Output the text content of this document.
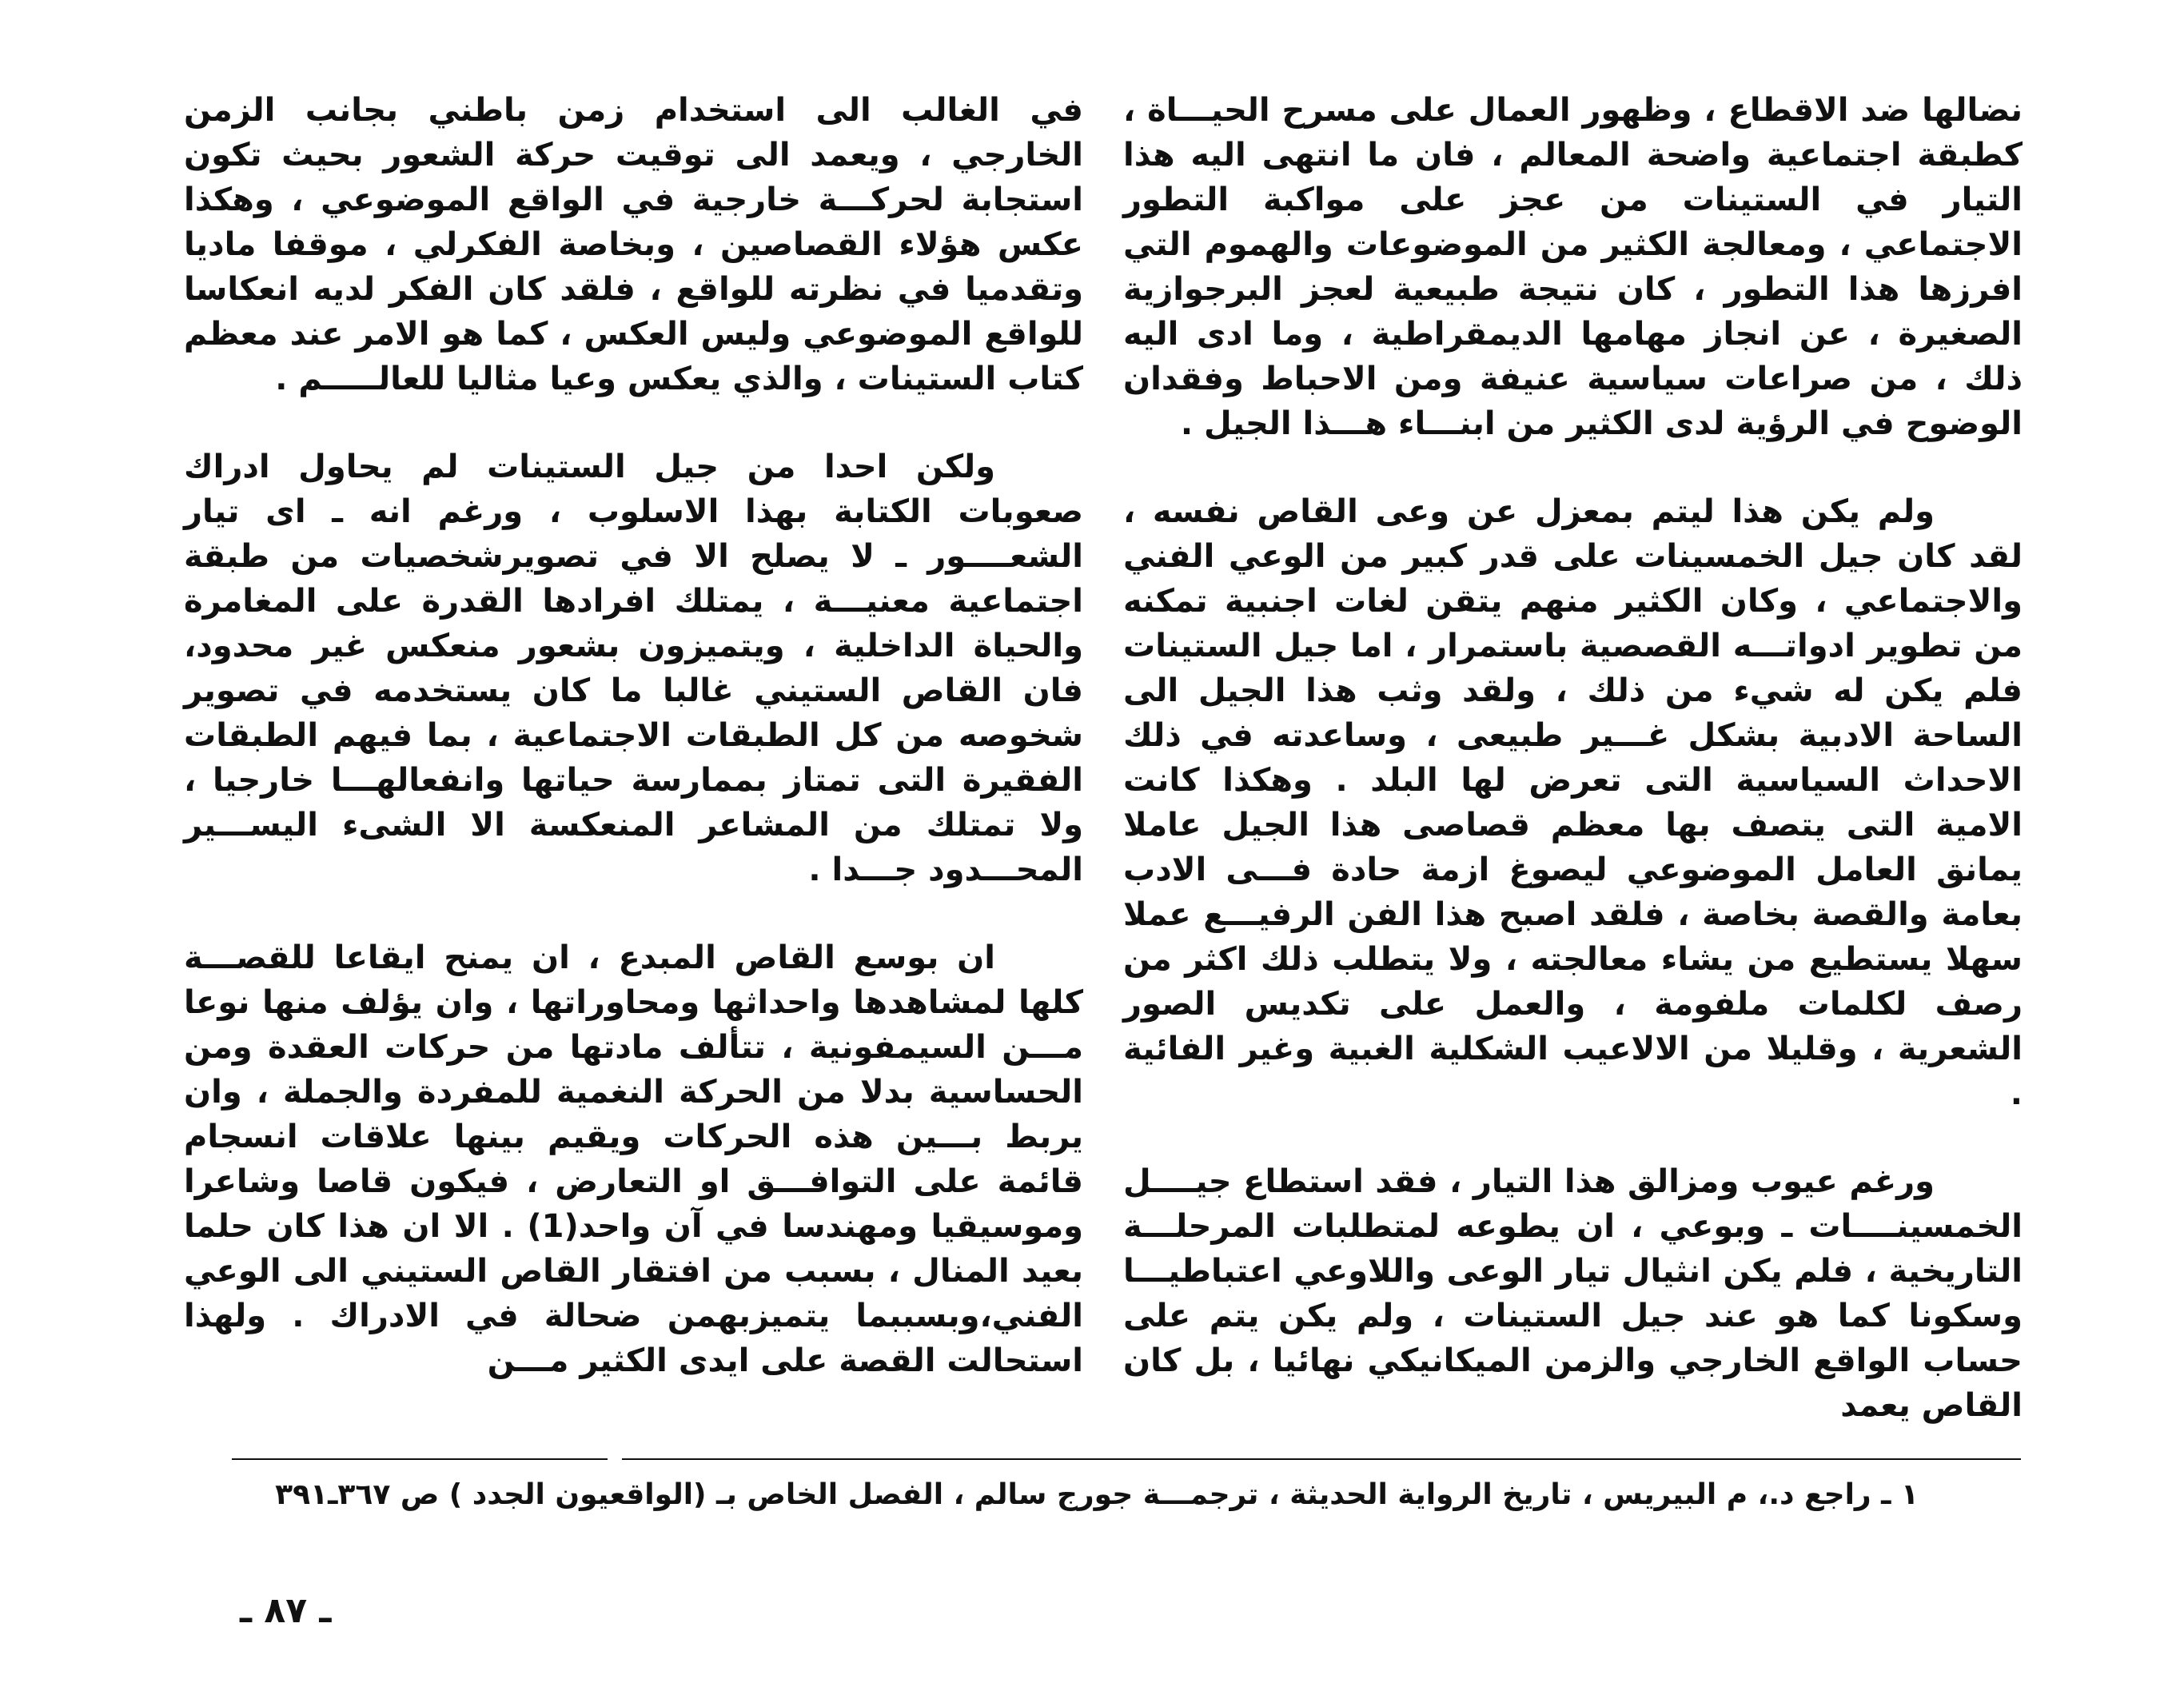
نضالها ضد الاقطاع ، وظهور العمال على مسرح الحيـــاة ، كطبقة اجتماعية واضحة المعالم ، فان ما انتهى اليه هذا التيار في الستينات من عجز على مواكبة التطور الاجتماعي ، ومعالجة الكثير من الموضوعات والهموم التي افرزها هذا التطور ، كان نتيجة طبيعية لعجز البرجوازية الصغيرة ، عن انجاز مهامها الديمقراطية ، وما ادى اليه ذلك ، من صراعات سياسية عنيفة ومن الاحباط وفقدان الوضوح في الرؤية لدى الكثير من ابنـــاء هـــذا الجيل .

ولم يكن هذا ليتم بمعزل عن وعى القاص نفسه ، لقد كان جيل الخمسينات على قدر كبير من الوعي الفني والاجتماعي ، وكان الكثير منهم يتقن لغات اجنبية تمكنه من تطوير ادواتـــه القصصية باستمرار ، اما جيل الستينات فلم يكن له شيء من ذلك ، ولقد وثب هذا الجيل الى الساحة الادبية بشكل غـــير طبيعى ، وساعدته في ذلك الاحداث السياسية التى تعرض لها البلد . وهكذا كانت الامية التى يتصف بها معظم قصاصى هذا الجيل عاملا يمانق العامل الموضوعي ليصوغ ازمة حادة فـــى الادب بعامة والقصة بخاصة ، فلقد اصبح هذا الفن الرفيـــع عملا سهلا يستطيع من يشاء معالجته ، ولا يتطلب ذلك اكثر من رصف لكلمات ملفومة ، والعمل على تكديس الصور الشعرية ، وقليلا من الالاعيب الشكلية الغبية وغير الفائية .

ورغم عيوب ومزالق هذا التيار ، فقد استطاع جيــــل الخمسينــــات ـ وبوعي ، ان يطوعه لمتطلبات المرحلـــة التاريخية ، فلم يكن انثيال تيار الوعى واللاوعي اعتباطيـــا وسكونا كما هو عند جيل الستينات ، ولم يكن يتم على حساب الواقع الخارجي والزمن الميكانيكي نهائيا ، بل كان القاص يعمد

في الغالب الى استخدام زمن باطني بجانب الزمن الخارجي ، ويعمد الى توقيت حركة الشعور بحيث تكون استجابة لحركـــة خارجية في الواقع الموضوعي ، وهكذا عكس هؤلاء القصاصين ، وبخاصة الفكرلي ، موقفا ماديا وتقدميا في نظرته للواقع ، فلقد كان الفكر لديه انعكاسا للواقع الموضوعي وليس العكس ، كما هو الامر عند معظم كتاب الستينات ، والذي يعكس وعيا مثاليا للعالـــــم .

ولكن احدا من جيل الستينات لم يحاول ادراك صعوبات الكتابة بهذا الاسلوب ، ورغم انه ـ اى تيار الشعــــور ـ لا يصلح الا في تصويرشخصيات من طبقة اجتماعية معنيـــة ، يمتلك افرادها القدرة على المغامرة والحياة الداخلية ، ويتميزون بشعور منعكس غير محدود، فان القاص الستيني غالبا ما كان يستخدمه في تصوير شخوصه من كل الطبقات الاجتماعية ، بما فيهم الطبقات الفقيرة التى تمتاز بممارسة حياتها وانفعالهـــا خارجيا ، ولا تمتلك من المشاعر المنعكسة الا الشىء اليســـير المحـــدود جـــدا .

ان بوسع القاص المبدع ، ان يمنح ايقاعا للقصـــة كلها لمشاهدها واحداثها ومحاوراتها ، وان يؤلف منها نوعا مـــن السيمفونية ، تتألف مادتها من حركات العقدة ومن الحساسية بدلا من الحركة النغمية للمفردة والجملة ، وان يربط بـــين هذه الحركات ويقيم بينها علاقات انسجام قائمة على التوافـــق او التعارض ، فيكون قاصا وشاعرا وموسيقيا ومهندسا في آن واحد(1) . الا ان هذا كان حلما بعيد المنال ، بسبب من افتقار القاص الستيني الى الوعي الفني،وبسببما يتميزبهمن ضحالة في الادراك . ولهذا استحالت القصة على ايدى الكثير مـــن

١ ـ راجع د.، م البيريس ، تاريخ الرواية الحديثة ، ترجمـــة جورج سالم ، الفصل الخاص بـ (الواقعيون الجدد ) ص ٣٦٧ـ٣٩١
ـ ٨٧ ـ
